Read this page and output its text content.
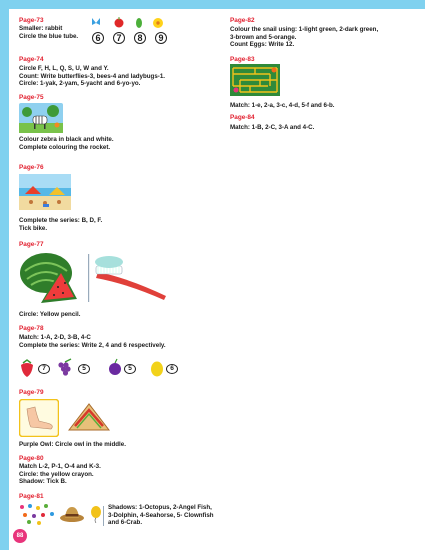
Page-73
Smaller: rabbit
Circle the blue tube.	6	7	8	9
Page-74
Circle F, H, L, Q, S, U, W and Y.
Count: Write butterflies-3, bees-4 and ladybugs-1.
Circle: 1-yak, 2-yam, 5-yacht and 6-yo-yo.
Page-75
Colour zebra in black and white.
Complete colouring the rocket.
Page-76
Complete the series: B, D, F.
Tick bike.
Page-77
Circle: Yellow pencil.
Page-78
Match: 1-A, 2-D, 3-B, 4-C
Complete the series: Write 2, 4 and 6 respectively.
7	5	5	6
Page-79
Purple Owl: Circle owl in the middle.
Page-80
Match L-2, P-1, O-4 and K-3.
Circle: the yellow crayon.
Shadow: Tick B.
Page-81
Shadows: 1-Octopus, 2-Angel Fish,
3-Dolphin, 4-Seahorse, 5- Clownfish
and 6-Crab.
Page-82
Colour the snail using: 1-light green, 2-dark green,
3-brown and 5-orange.
Count Eggs: Write 12.
Page-83
Match: 1-e, 2-a, 3-c, 4-d, 5-f and 6-b.
Page-84
Match: 1-B, 2-C, 3-A and 4-C.
88
